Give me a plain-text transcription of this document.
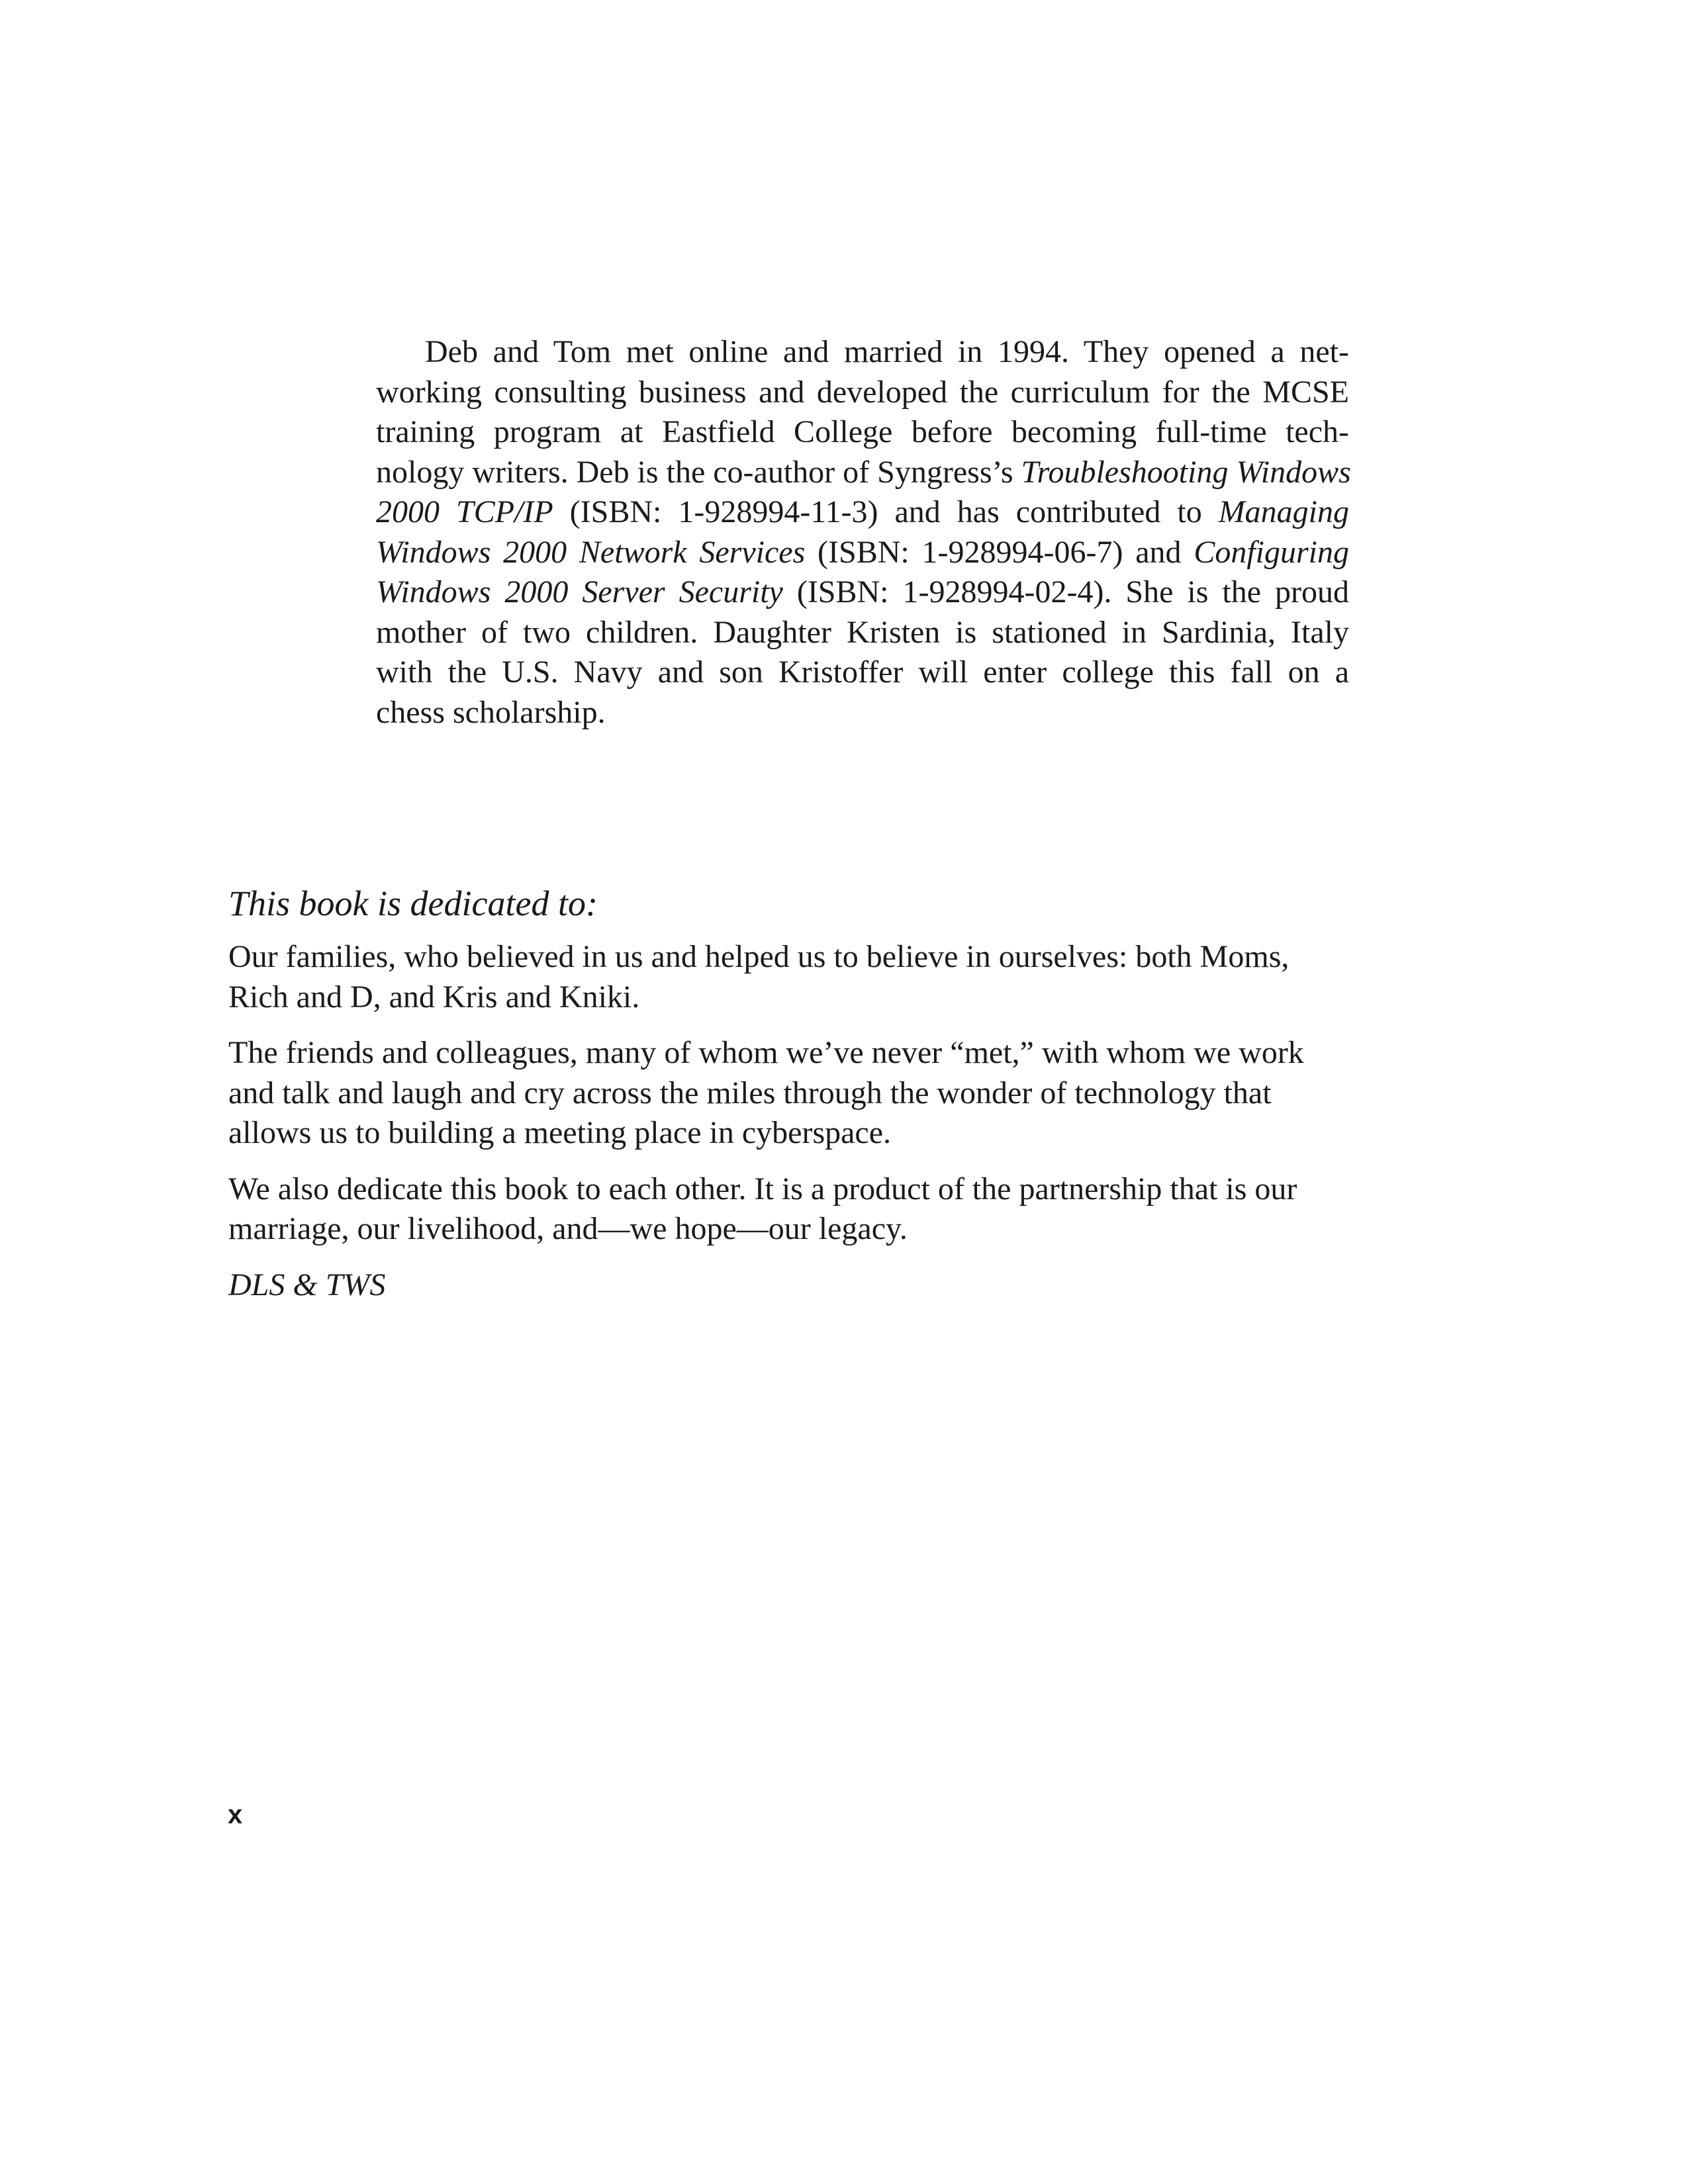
Deb and Tom met online and married in 1994. They opened a net-
working consulting business and developed the curriculum for the MCSE
training program at Eastfield College before becoming full-time tech-
nology writers. Deb is the co-author of Syngress’s Troubleshooting Windows
2000 TCP/IP (ISBN: 1-928994-11-3) and has contributed to Managing
Windows 2000 Network Services (ISBN: 1-928994-06-7) and Configuring
Windows 2000 Server Security (ISBN: 1-928994-02-4). She is the proud
mother of two children. Daughter Kristen is stationed in Sardinia, Italy
with the U.S. Navy and son Kristoffer will enter college this fall on a
chess scholarship.
This book is dedicated to:

Our families, who believed in us and helped us to believe in ourselves: both Moms,
Rich and D, and Kris and Kniki.

The friends and colleagues, many of whom we’ve never “met,” with whom we work
and talk and laugh and cry across the miles through the wonder of technology that
allows us to building a meeting place in cyberspace.

We also dedicate this book to each other. It is a product of the partnership that is our
marriage, our livelihood, and—we hope—our legacy.

DLS & TWS

x
